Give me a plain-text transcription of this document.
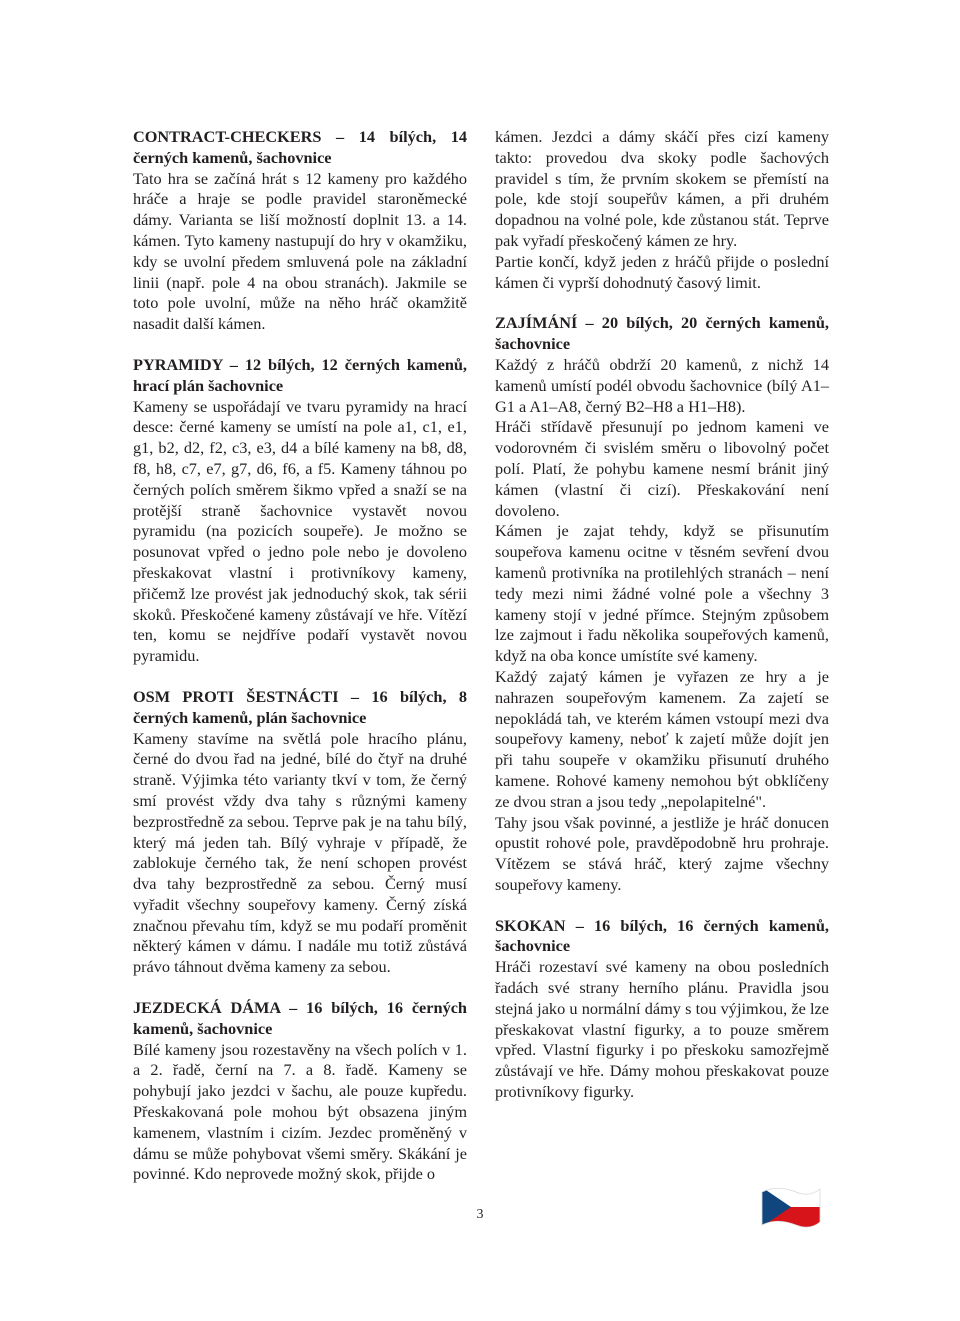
CONTRACT-CHECKERS – 14 bílých, 14 černých kamenů, šachovnice

Tato hra se začíná hrát s 12 kameny pro každého hráče a hraje se podle pravidel staroněmecké dámy. Varianta se liší možností doplnit 13. a 14. kámen. Tyto kameny nastupují do hry v okamžiku, kdy se uvolní předem smluvená pole na základní linii (např. pole 4 na obou stranách). Jakmile se toto pole uvolní, může na něho hráč okamžitě nasadit další kámen.

PYRAMIDY – 12 bílých, 12 černých kamenů, hrací plán šachovnice

Kameny se uspořádají ve tvaru pyramidy na hrací desce: černé kameny se umístí na pole a1, c1, e1, g1, b2, d2, f2, c3, e3, d4 a bílé kameny na b8, d8, f8, h8, c7, e7, g7, d6, f6, a f5. Kameny táhnou po černých polích směrem šikmo vpřed a snaží se na protější straně šachovnice vystavět novou pyramidu (na pozicích soupeře). Je možno se posunovat vpřed o jedno pole nebo je dovoleno přeskakovat vlastní i protivníkovy kameny, přičemž lze provést jak jednoduchý skok, tak sérii skoků. Přeskočené kameny zůstávají ve hře. Vítězí ten, komu se nejdříve podaří vystavět novou pyramidu.

OSM PROTI ŠESTNÁCTI – 16 bílých, 8 černých kamenů, plán šachovnice

Kameny stavíme na světlá pole hracího plánu, černé do dvou řad na jedné, bílé do čtyř na druhé straně. Výjimka této varianty tkví v tom, že černý smí provést vždy dva tahy s různými kameny bezprostředně za sebou. Teprve pak je na tahu bílý, který má jeden tah. Bílý vyhraje v případě, že zablokuje černého tak, že není schopen provést dva tahy bezprostředně za sebou. Černý musí vyřadit všechny soupeřovy kameny. Černý získá značnou převahu tím, když se mu podaří proměnit některý kámen v dámu. I nadále mu totiž zůstává právo táhnout dvěma kameny za sebou.

JEZDECKÁ DÁMA – 16 bílých, 16 černých kamenů, šachovnice

Bílé kameny jsou rozestavěny na všech polích v 1. a 2. řadě, černí na 7. a 8. řadě. Kameny se pohybují jako jezdci v šachu, ale pouze kupředu. Přeskakovaná pole mohou být obsazena jiným kamenem, vlastním i cizím. Jezdec proměněný v dámu se může pohybovat všemi směry. Skákání je povinné. Kdo neprovede možný skok, přijde o

kámen. Jezdci a dámy skáčí přes cizí kameny takto: provedou dva skoky podle šachových pravidel s tím, že prvním skokem se přemístí na pole, kde stojí soupeřův kámen, a při druhém dopadnou na volné pole, kde zůstanou stát. Teprve pak vyřadí přeskočený kámen ze hry.

Partie končí, když jeden z hráčů přijde o poslední kámen či vyprší dohodnutý časový limit.

ZAJÍMÁNÍ – 20 bílých, 20 černých kamenů, šachovnice

Každý z hráčů obdrží 20 kamenů, z nichž 14 kamenů umístí podél obvodu šachovnice (bílý A1–G1 a A1–A8, černý B2–H8 a H1–H8).

Hráči střídavě přesunují po jednom kameni ve vodorovném či svislém směru o libovolný počet polí. Platí, že pohybu kamene nesmí bránit jiný kámen (vlastní či cizí). Přeskakování není dovoleno.

Kámen je zajat tehdy, když se přisunutím soupeřova kamenu ocitne v těsném sevření dvou kamenů protivníka na protilehlých stranách – není tedy mezi nimi žádné volné pole a všechny 3 kameny stojí v jedné přímce. Stejným způsobem lze zajmout i řadu několika soupeřových kamenů, když na oba konce umístíte své kameny.

Každý zajatý kámen je vyřazen ze hry a je nahrazen soupeřovým kamenem. Za zajetí se nepokládá tah, ve kterém kámen vstoupí mezi dva soupeřovy kameny, neboť k zajetí může dojít jen při tahu soupeře v okamžiku přisunutí druhého kamene. Rohové kameny nemohou být obklíčeny ze dvou stran a jsou tedy „nepolapitelné".

Tahy jsou však povinné, a jestliže je hráč donucen opustit rohové pole, pravděpodobně hru prohraje. Vítězem se stává hráč, který zajme všechny soupeřovy kameny.

SKOKAN – 16 bílých, 16 černých kamenů, šachovnice

Hráči rozestaví své kameny na obou posledních řadách své strany herního plánu. Pravidla jsou stejná jako u normální dámy s tou výjimkou, že lze přeskakovat vlastní figurky, a to pouze směrem vpřed. Vlastní figurky i po přeskoku samozřejmě zůstávají ve hře. Dámy mohou přeskakovat pouze protivníkovy figurky.

3
